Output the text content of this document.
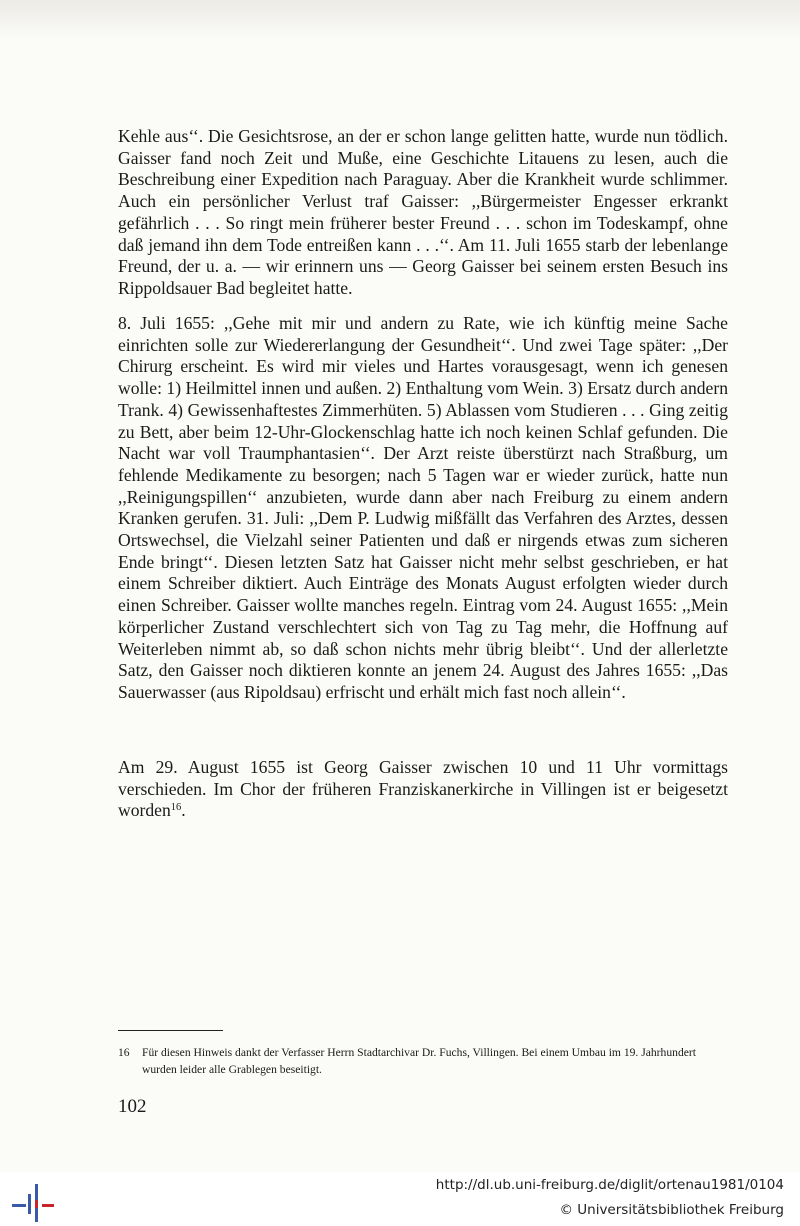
Kehle aus‘‘. Die Gesichtsrose, an der er schon lange gelitten hatte, wurde nun tödlich. Gaisser fand noch Zeit und Muße, eine Geschichte Litauens zu lesen, auch die Beschreibung einer Expedition nach Paraguay. Aber die Krankheit wurde schlimmer. Auch ein persönlicher Verlust traf Gaisser: ,,Bürgermeister Engesser erkrankt gefährlich . . . So ringt mein früherer bester Freund . . . schon im Todeskampf, ohne daß jemand ihn dem Tode entreißen kann . . .‘‘. Am 11. Juli 1655 starb der lebenlange Freund, der u. a. — wir erinnern uns — Georg Gaisser bei seinem ersten Besuch ins Rippoldsauer Bad begleitet hatte.

8. Juli 1655: ,,Gehe mit mir und andern zu Rate, wie ich künftig meine Sache einrichten solle zur Wiedererlangung der Gesundheit‘‘. Und zwei Tage später: ,,Der Chirurg erscheint. Es wird mir vieles und Hartes vorausgesagt, wenn ich genesen wolle: 1) Heilmittel innen und außen. 2) Enthaltung vom Wein. 3) Ersatz durch andern Trank. 4) Gewissenhaftestes Zimmerhüten. 5) Ablassen vom Studieren . . . Ging zeitig zu Bett, aber beim 12-Uhr-Glockenschlag hatte ich noch keinen Schlaf gefunden. Die Nacht war voll Traumphantasien‘‘. Der Arzt reiste überstürzt nach Straßburg, um fehlende Medikamente zu besorgen; nach 5 Tagen war er wieder zurück, hatte nun ,,Reinigungspillen‘‘ anzubieten, wurde dann aber nach Freiburg zu einem andern Kranken gerufen. 31. Juli: ,,Dem P. Ludwig mißfällt das Verfahren des Arztes, dessen Ortswechsel, die Vielzahl seiner Patienten und daß er nirgends etwas zum sicheren Ende bringt‘‘. Diesen letzten Satz hat Gaisser nicht mehr selbst geschrieben, er hat einem Schreiber diktiert. Auch Einträge des Monats August erfolgten wieder durch einen Schreiber. Gaisser wollte manches regeln. Eintrag vom 24. August 1655: ,,Mein körperlicher Zustand verschlechtert sich von Tag zu Tag mehr, die Hoffnung auf Weiterleben nimmt ab, so daß schon nichts mehr übrig bleibt‘‘. Und der allerletzte Satz, den Gaisser noch diktieren konnte an jenem 24. August des Jahres 1655: ,,Das Sauerwasser (aus Ripoldsau) erfrischt und erhält mich fast noch allein‘‘.

Am 29. August 1655 ist Georg Gaisser zwischen 10 und 11 Uhr vormittags verschieden. Im Chor der früheren Franziskanerkirche in Villingen ist er beigesetzt worden$^{16}$.

16 Für diesen Hinweis dankt der Verfasser Herrn Stadtarchivar Dr. Fuchs, Villingen. Bei einem Umbau im 19. Jahrhundert wurden leider alle Grablegen beseitigt.

102

http://dl.ub.uni-freiburg.de/diglit/ortenau1981/0104
© Universitätsbibliothek Freiburg
